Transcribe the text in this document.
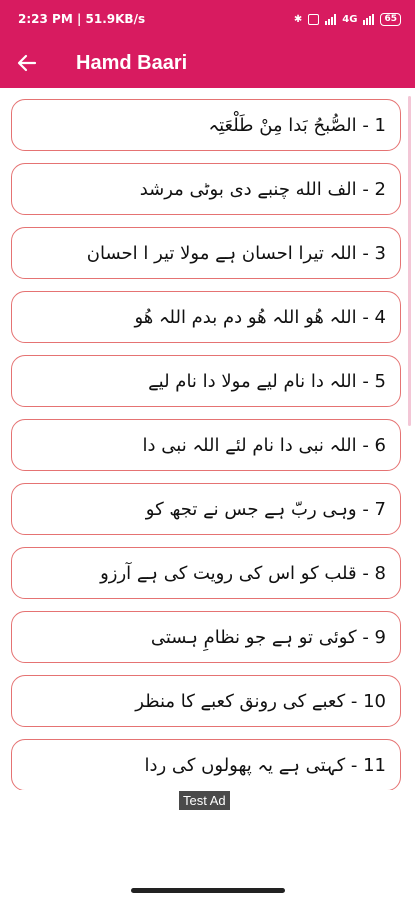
2:23 PM | 51.9KB/s	✱	4G	65
Hamd Baari
1 - الصُّبحُ بَدا مِنْ طَلْعَتِہ
2 - الف الله چنبے دی بوٹی مرشد
3 - اللہ تیرا احسان ہے مولا تیر ا احسان
4 - اللہ ھُو اللہ ھُو دم بدم اللہ ھُو
5 - اللہ دا نام لیے مولا دا نام لیے
6 - اللہ نبی دا نام لئے اللہ نبی دا
7 - وہی ربّ ہے جس نے تجھ کو
8 - قلب کو اس کی رویت کی ہے آرزو
9 - کوئی تو ہے جو نظامِ ہستی
10 - کعبے کی رونق کعبے کا منظر
11 - کہتی ہے یہ پھولوں کی ردا
Test Ad
